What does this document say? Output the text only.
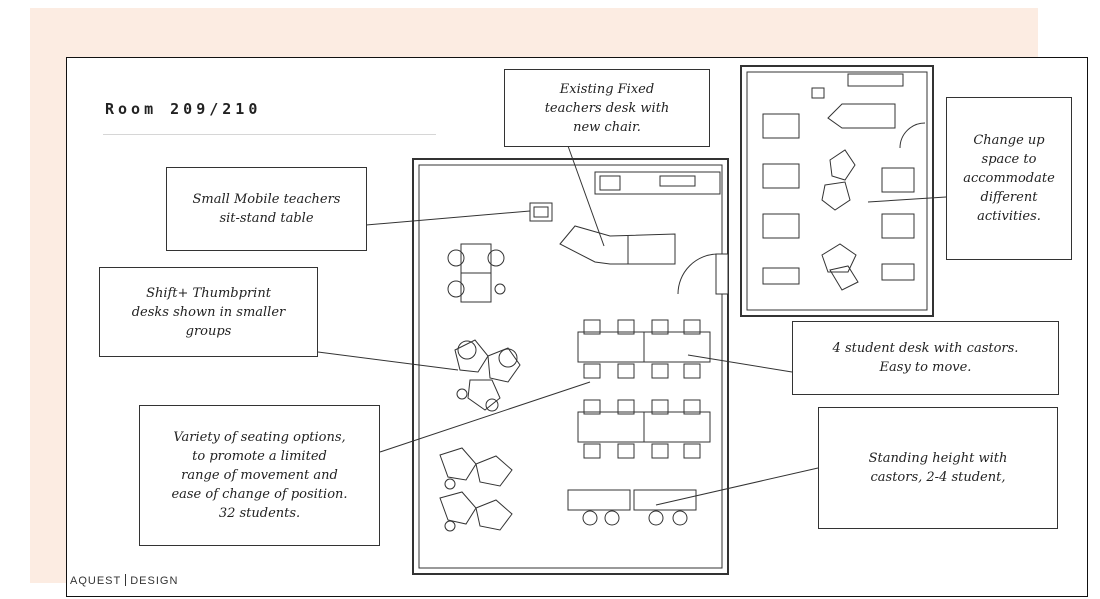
Room 209/210
Existing Fixed
teachers desk with
new chair.
Small Mobile teachers
sit-stand table
Shift+ Thumbprint
desks shown in smaller
groups
4 student desk with castors.
Easy to move.
Variety of seating options,
to promote a limited
range of movement and
ease of change of position.
32 students.
Standing height with
castors, 2-4 student,
Change up
space to
accommodate
different
activities.
AQUEST DESIGN
